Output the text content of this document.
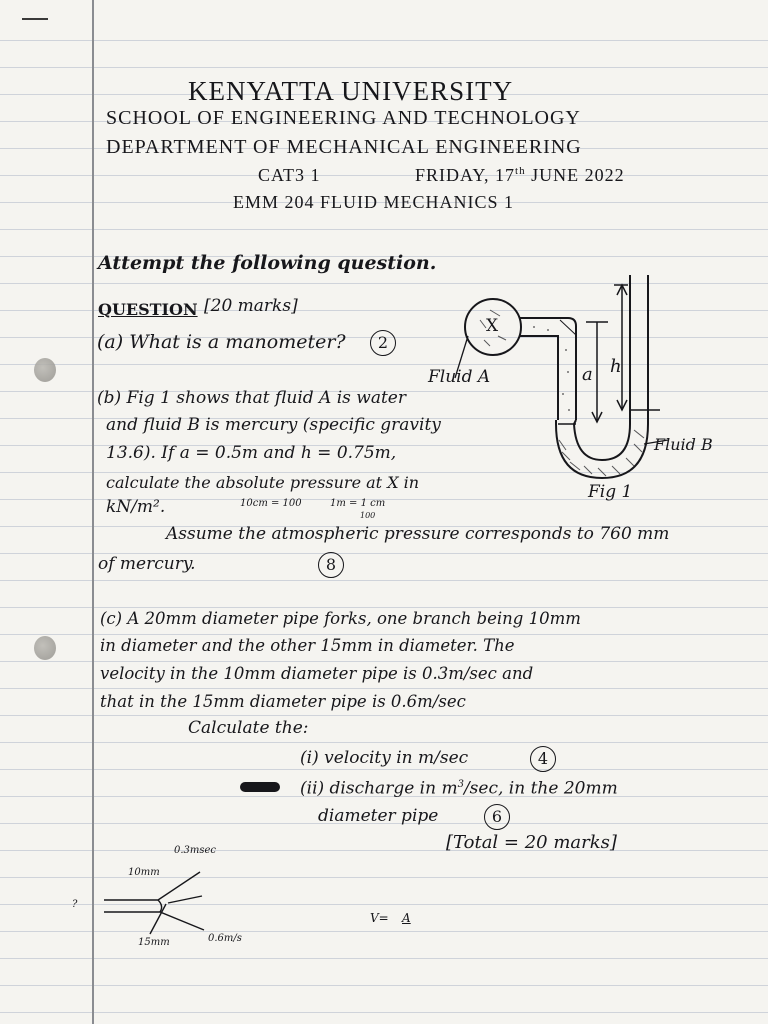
KENYATTA UNIVERSITY
SCHOOL OF ENGINEERING AND TECHNOLOGY
DEPARTMENT OF MECHANICAL ENGINEERING
CAT3 1	FRIDAY, 17th JUNE 2022
EMM 204 FLUID MECHANICS 1
Attempt the following question.
QUESTION [20 marks]
(a) What is a manometer?	2
(b) Fig 1 shows that fluid A is water
and fluid B is mercury (specific gravity
13.6). If a = 0.5m and h = 0.75m,
calculate the absolute pressure at X in
kN/m².	10cm = 100	1m = 1 cm
100
Assume the atmospheric pressure corresponds to 760 mm
of mercury.	8
(c) A 20mm diameter pipe forks, one branch being 10mm
in diameter and the other 15mm in diameter. The
velocity in the 10mm diameter pipe is 0.3m/sec and
that in the 15mm diameter pipe is 0.6m/sec
Calculate the:
(i) velocity in m/sec	4
(ii) discharge in $m^3/\sec$, in the 20mm
diameter pipe	6
[Total = 20 marks]
X
Fluid A	a h
Fluid B
Fig 1
10mm
0.3msec
15mm	0.6m/s
?
V= A
